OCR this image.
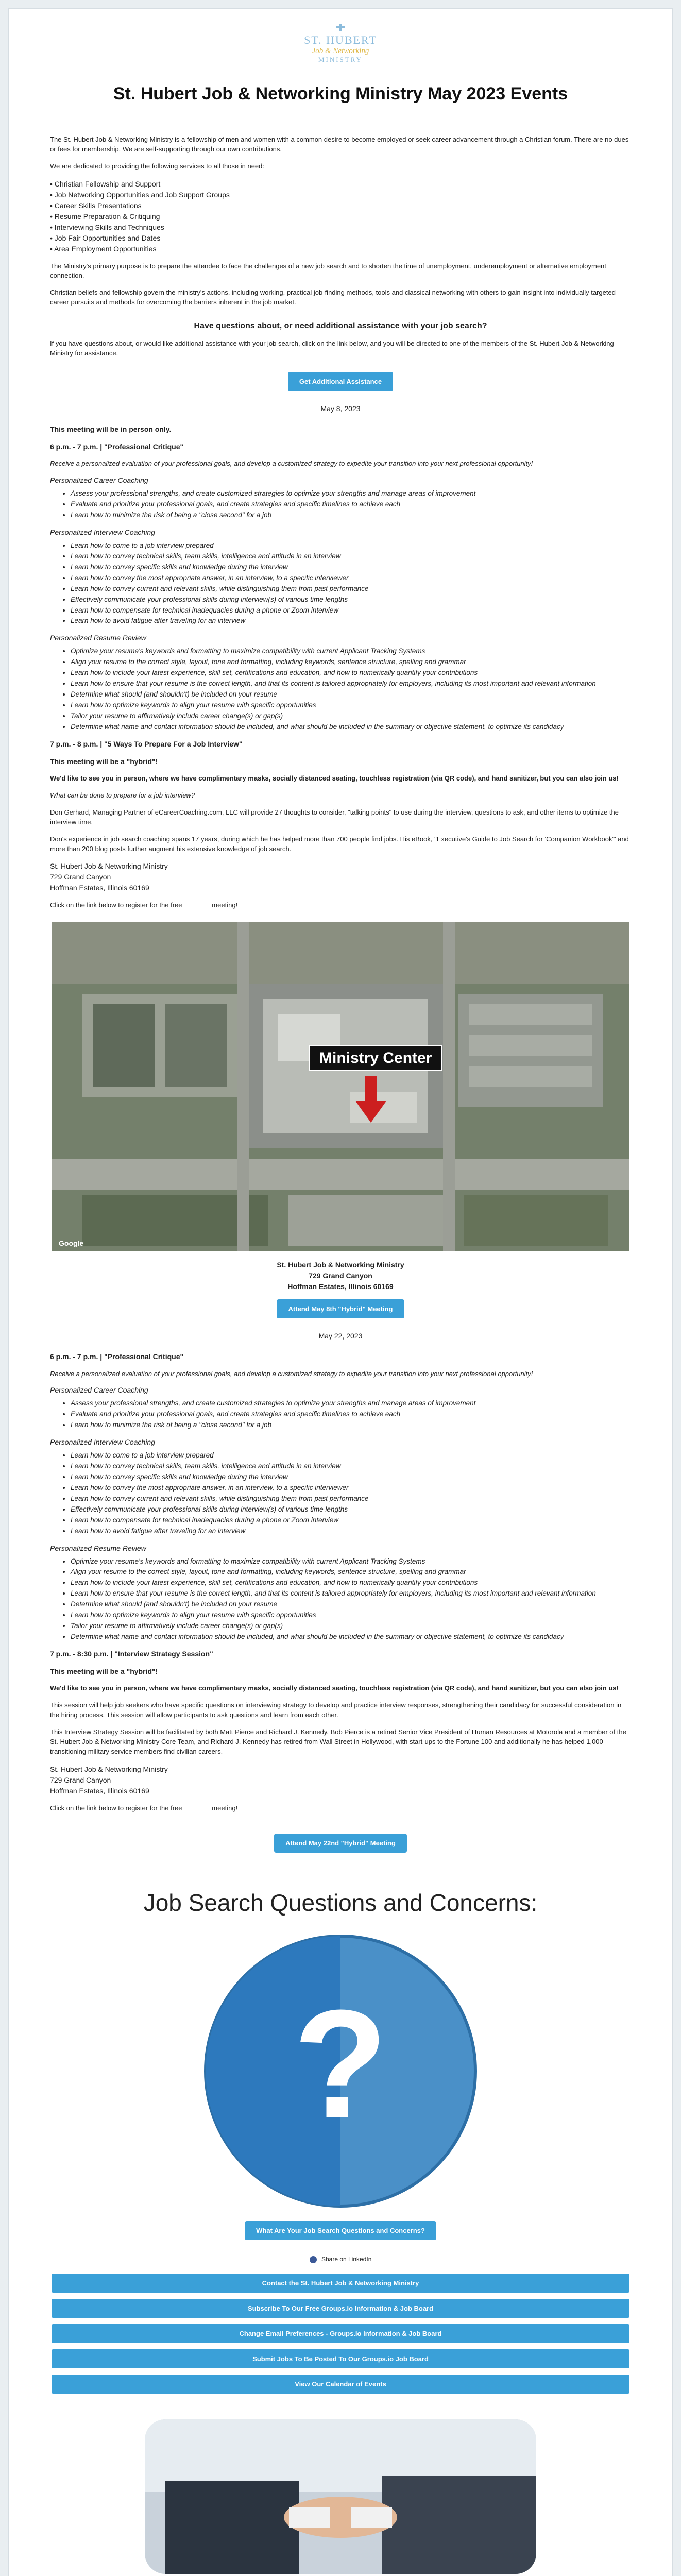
ST. HUBERT
Job & Networking
MINISTRY
St. Hubert Job & Networking Ministry May 2023 Events

The St. Hubert Job & Networking Ministry is a fellowship of men and women with a common desire to become employed or seek career advancement through a Christian forum. There are no dues or fees for membership. We are self-supporting through our own contributions.

We are dedicated to providing the following services to all those in need:

• Christian Fellowship and Support
• Job Networking Opportunities and Job Support Groups
• Career Skills Presentations
• Resume Preparation & Critiquing
• Interviewing Skills and Techniques
• Job Fair Opportunities and Dates
• Area Employment Opportunities

The Ministry's primary purpose is to prepare the attendee to face the challenges of a new job search and to shorten the time of unemployment, underemployment or alternative employment connection.

Christian beliefs and fellowship govern the ministry's actions, including working, practical job-finding methods, tools and classical networking with others to gain insight into individually targeted career pursuits and methods for overcoming the barriers inherent in the job market.

Have questions about, or need additional assistance with your job search?

If you have questions about, or would like additional assistance with your job search, click on the link below, and you will be directed to one of the members of the St. Hubert Job & Networking Ministry for assistance.

Get Additional Assistance
May 8, 2023

This meeting will be in person only.

6 p.m. - 7 p.m. | "Professional Critique"

Receive a personalized evaluation of your professional goals, and develop a customized strategy to expedite your transition into your next professional opportunity!

Personalized Career Coaching
• Assess your professional strengths, and create customized strategies to optimize your strengths and manage areas of improvement
• Evaluate and prioritize your professional goals, and create strategies and specific timelines to achieve each
• Learn how to minimize the risk of being a "close second" for a job
Personalized Interview Coaching
• Learn how to come to a job interview prepared
• Learn how to convey technical skills, team skills, intelligence and attitude in an interview
• Learn how to convey specific skills and knowledge during the interview
• Learn how to convey the most appropriate answer, in an interview, to a specific interviewer
• Learn how to convey current and relevant skills, while distinguishing them from past performance
• Effectively communicate your professional skills during interview(s) of various time lengths
• Learn how to compensate for technical inadequacies during a phone or Zoom interview
• Learn how to avoid fatigue after traveling for an interview
Personalized Resume Review
• Optimize your resume's keywords and formatting to maximize compatibility with current Applicant Tracking Systems
• Align your resume to the correct style, layout, tone and formatting, including keywords, sentence structure, spelling and grammar
• Learn how to include your latest experience, skill set, certifications and education, and how to numerically quantify your contributions
• Learn how to ensure that your resume is the correct length, and that its content is tailored appropriately for employers, including its most important and relevant information
• Determine what should (and shouldn't) be included on your resume
• Learn how to optimize keywords to align your resume with specific opportunities
• Tailor your resume to affirmatively include career change(s) or gap(s)
• Determine what name and contact information should be included, and what should be included in the summary or objective statement, to optimize its candidacy

7 p.m. - 8 p.m. | "5 Ways To Prepare For a Job Interview"

This meeting will be a "hybrid"!

We'd like to see you in person, where we have complimentary masks, socially distanced seating, touchless registration (via QR code), and hand sanitizer, but you can also join us!

What can be done to prepare for a job interview?

Don Gerhard, Managing Partner of eCareerCoaching.com, LLC will provide 27 thoughts to consider, "talking points" to use during the interview, questions to ask, and other items to optimize the interview time.

Don's experience in job search coaching spans 17 years, during which he has helped more than 700 people find jobs. His eBook, "Executive's Guide to Job Search for 'Companion Workbook'" and more than 200 blog posts further augment his extensive knowledge of job search.

St. Hubert Job & Networking Ministry
729 Grand Canyon
Hoffman Estates, Illinois 60169

Click on the link below to register for the free                meeting!

Ministry Center
Google
St. Hubert Job & Networking Ministry
729 Grand Canyon
Hoffman Estates, Illinois 60169
Attend May 8th "Hybrid" Meeting
May 22, 2023

6 p.m. - 7 p.m. | "Professional Critique"

Receive a personalized evaluation of your professional goals, and develop a customized strategy to expedite your transition into your next professional opportunity!

Personalized Career Coaching
• Assess your professional strengths, and create customized strategies to optimize your strengths and manage areas of improvement
• Evaluate and prioritize your professional goals, and create strategies and specific timelines to achieve each
• Learn how to minimize the risk of being a "close second" for a job
Personalized Interview Coaching
• Learn how to come to a job interview prepared
• Learn how to convey technical skills, team skills, intelligence and attitude in an interview
• Learn how to convey specific skills and knowledge during the interview
• Learn how to convey the most appropriate answer, in an interview, to a specific interviewer
• Learn how to convey current and relevant skills, while distinguishing them from past performance
• Effectively communicate your professional skills during interview(s) of various time lengths
• Learn how to compensate for technical inadequacies during a phone or Zoom interview
• Learn how to avoid fatigue after traveling for an interview
Personalized Resume Review
• Optimize your resume's keywords and formatting to maximize compatibility with current Applicant Tracking Systems
• Align your resume to the correct style, layout, tone and formatting, including keywords, sentence structure, spelling and grammar
• Learn how to include your latest experience, skill set, certifications and education, and how to numerically quantify your contributions
• Learn how to ensure that your resume is the correct length, and that its content is tailored appropriately for employers, including its most important and relevant information
• Determine what should (and shouldn't) be included on your resume
• Learn how to optimize keywords to align your resume with specific opportunities
• Tailor your resume to affirmatively include career change(s) or gap(s)
• Determine what name and contact information should be included, and what should be included in the summary or objective statement, to optimize its candidacy

7 p.m. - 8:30 p.m. | "Interview Strategy Session"

This meeting will be a "hybrid"!

We'd like to see you in person, where we have complimentary masks, socially distanced seating, touchless registration (via QR code), and hand sanitizer, but you can also join us!

This session will help job seekers who have specific questions on interviewing strategy to develop and practice interview responses, strengthening their candidacy for successful consideration in the hiring process. This session will allow participants to ask questions and learn from each other.

This Interview Strategy Session will be facilitated by both Matt Pierce and Richard J. Kennedy. Bob Pierce is a retired Senior Vice President of Human Resources at Motorola and a member of the St. Hubert Job & Networking Ministry Core Team, and Richard J. Kennedy has retired from Wall Street in Hollywood, with start-ups to the Fortune 100 and additionally he has helped 1,000 transitioning military service members find civilian careers.

St. Hubert Job & Networking Ministry
729 Grand Canyon
Hoffman Estates, Illinois 60169

Click on the link below to register for the free                meeting!

Attend May 22nd "Hybrid" Meeting
Job Search Questions and Concerns:
?
What Are Your Job Search Questions and Concerns?
Share on LinkedIn
Contact the St. Hubert Job & Networking Ministry
Subscribe To Our Free Groups.io Information & Job Board
Change Email Preferences - Groups.io Information & Job Board
Submit Jobs To Be Posted To Our Groups.io Job Board
View Our Calendar of Events
